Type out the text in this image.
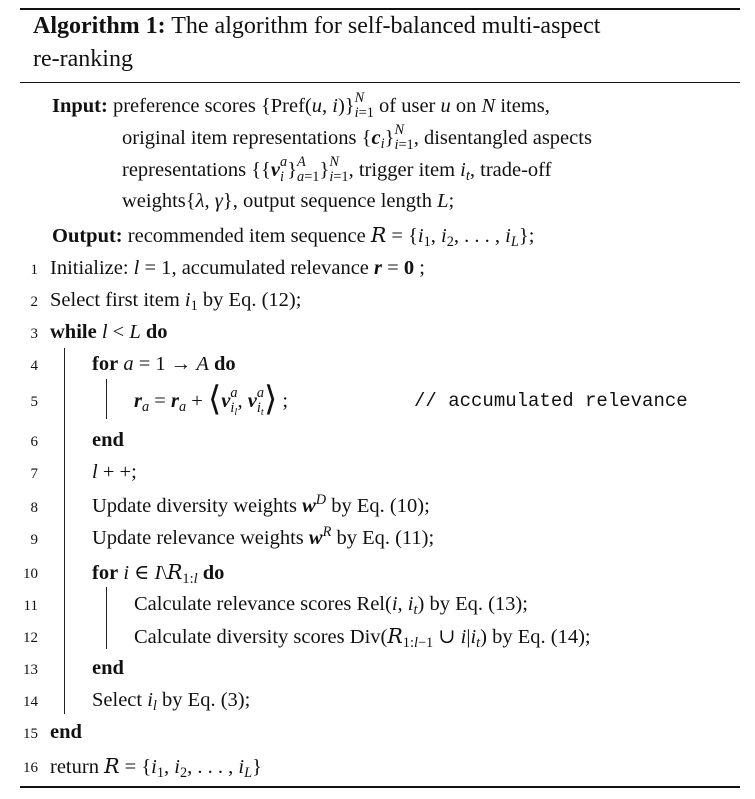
Algorithm 1: The algorithm for self-balanced multi-aspect
re-ranking
Input: preference scores {Pref(u, i)} N
i=1 of user u on N items,
original item representations $\{c_i\}$ N
i=1 , disentangled aspects
representations {{v a
i } A
a=1 } N
i=1 , trigger item $i_t$, trade-off
weights{λ, γ}, output sequence length L;
Output: recommended item sequence $R = \{i_1$, $i_2$, . . . , $i_L$};
1
2
3
4
5
6
7
8
9
10
11
12
13
14
15
16
Initialize: l = 1, accumulated relevance r = 0 ;
Select first item $i_1$ by Eq. (12);
while l < L do
for a = 1 → A do
$r_a = r_a$ + ⟨v a
$i_l$
, v a
$i_t$ ⟩ ;	// accumulated relevance
end
l + +;
Update diversity weights $w^D$ by Eq. (10);
Update relevance weights $w^R$ by Eq. (11);
for i ∈ $I\backslash R_{1:l}$ do
Calculate relevance scores Rel(i, $i_t$) by Eq. (13);
Calculate diversity scores $Div(R_{1:l-1}$ ∪ $i|i_t$) by Eq. (14);
end
Select $i_l$ by Eq. (3);
end
return $R = \{i_1$, $i_2$, . . . , $i_L$}
